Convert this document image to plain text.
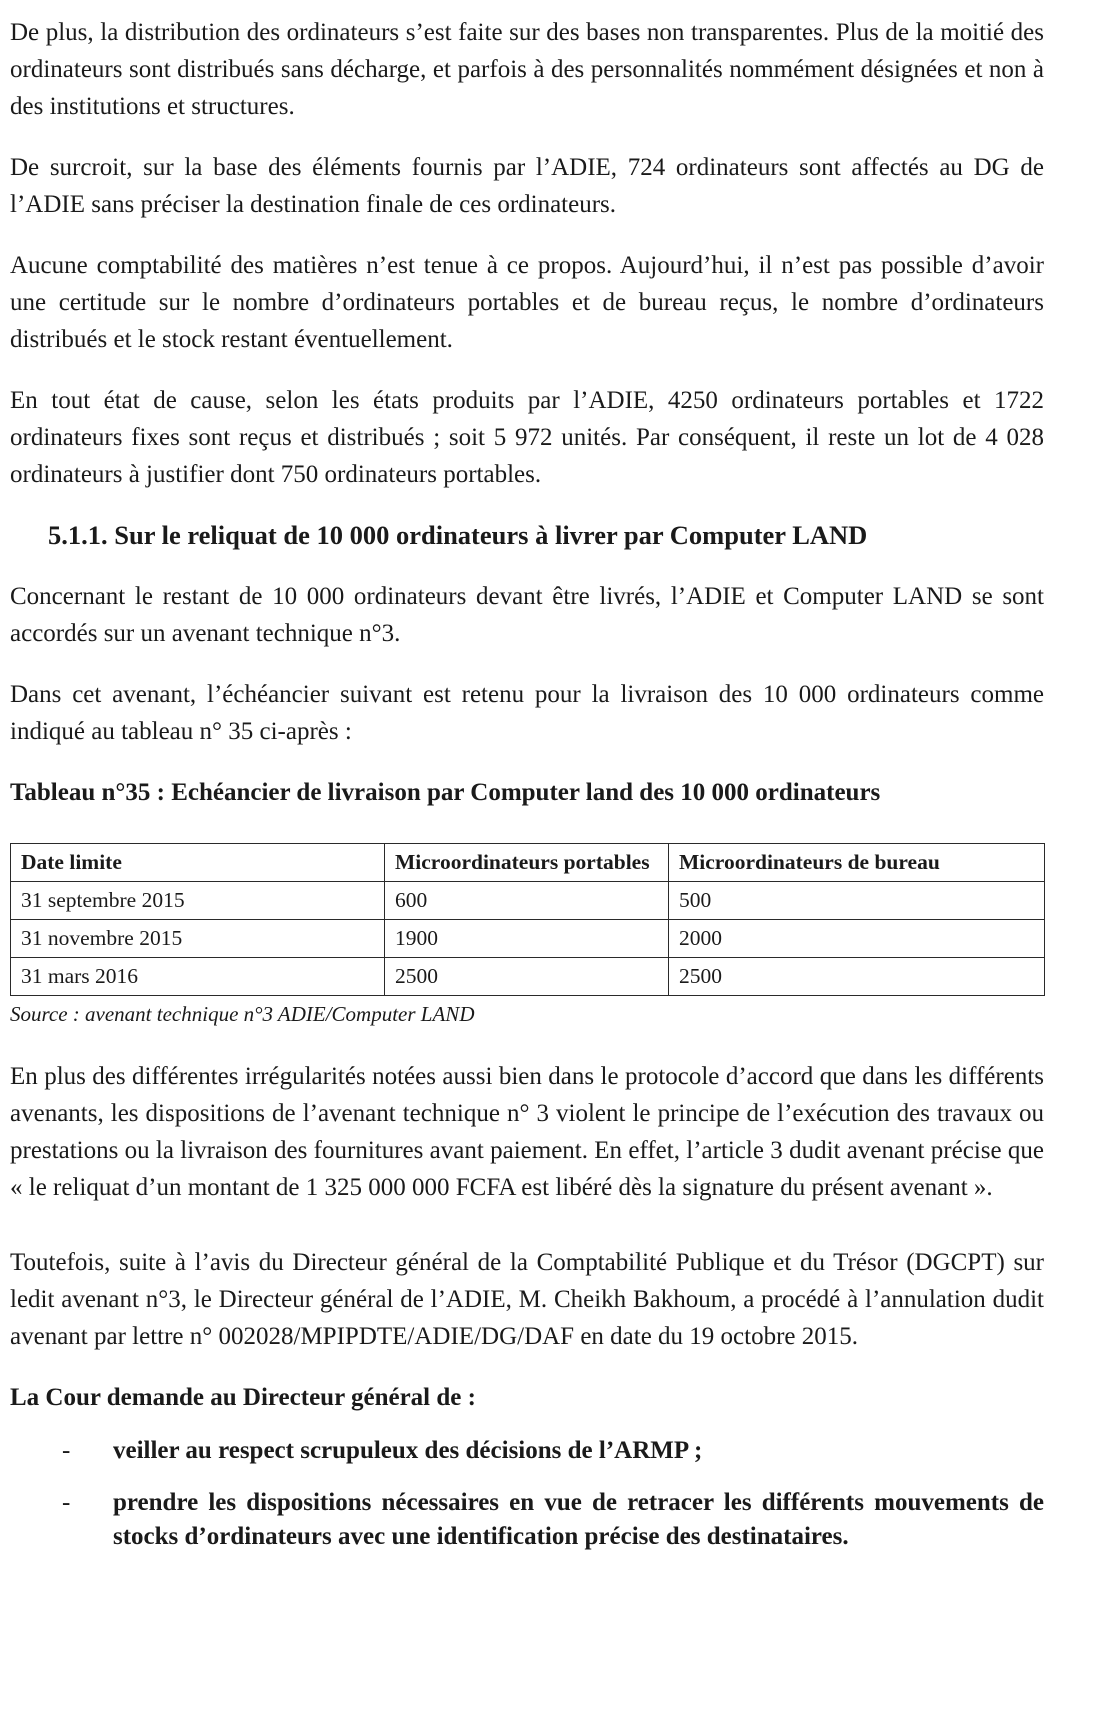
De plus, la distribution des ordinateurs s’est faite sur des bases non transparentes. Plus de la moitié des ordinateurs sont distribués sans décharge, et parfois à des personnalités nommément désignées et non à des institutions et structures.

De surcroit, sur la base des éléments fournis par l’ADIE, 724 ordinateurs sont affectés au DG de l’ADIE sans préciser la destination finale de ces ordinateurs.

Aucune comptabilité des matières n’est tenue à ce propos. Aujourd’hui, il n’est pas possible d’avoir une certitude sur le nombre d’ordinateurs portables et de bureau reçus, le nombre d’ordinateurs distribués et le stock restant éventuellement.

En tout état de cause, selon les états produits par l’ADIE, 4250 ordinateurs portables et 1722 ordinateurs fixes sont reçus et distribués ; soit 5 972 unités. Par conséquent, il reste un lot de 4 028 ordinateurs à justifier dont 750 ordinateurs portables.

5.1.1. Sur le reliquat de 10 000 ordinateurs à livrer par Computer LAND

Concernant le restant de 10 000 ordinateurs devant être livrés, l’ADIE et Computer LAND se sont accordés sur un avenant technique n°3.

Dans cet avenant, l’échéancier suivant est retenu pour la livraison des 10 000 ordinateurs comme indiqué au tableau n° 35 ci-après :

Tableau n°35 : Echéancier de livraison par Computer land des 10 000 ordinateurs
Date limite	Microordinateurs portables	Microordinateurs de bureau
31 septembre 2015	600	500
31 novembre 2015	1900	2000
31 mars 2016	2500	2500
Source : avenant technique n°3 ADIE/Computer LAND

En plus des différentes irrégularités notées aussi bien dans le protocole d’accord que dans les différents avenants, les dispositions de l’avenant technique n° 3 violent le principe de l’exécution des travaux ou prestations ou la livraison des fournitures avant paiement. En effet, l’article 3 dudit avenant précise que « le reliquat d’un montant de 1 325 000 000 FCFA est libéré dès la signature du présent avenant ».

Toutefois, suite à l’avis du Directeur général de la Comptabilité Publique et du Trésor (DGCPT) sur ledit avenant n°3, le Directeur général de l’ADIE, M. Cheikh Bakhoum, a procédé à l’annulation dudit avenant par lettre n° 002028/MPIPDTE/ADIE/DG/DAF en date du 19 octobre 2015.

La Cour demande au Directeur général de :
- veiller au respect scrupuleux des décisions de l’ARMP ;
- prendre les dispositions nécessaires en vue de retracer les différents mouvements de stocks d’ordinateurs avec une identification précise des destinataires.
